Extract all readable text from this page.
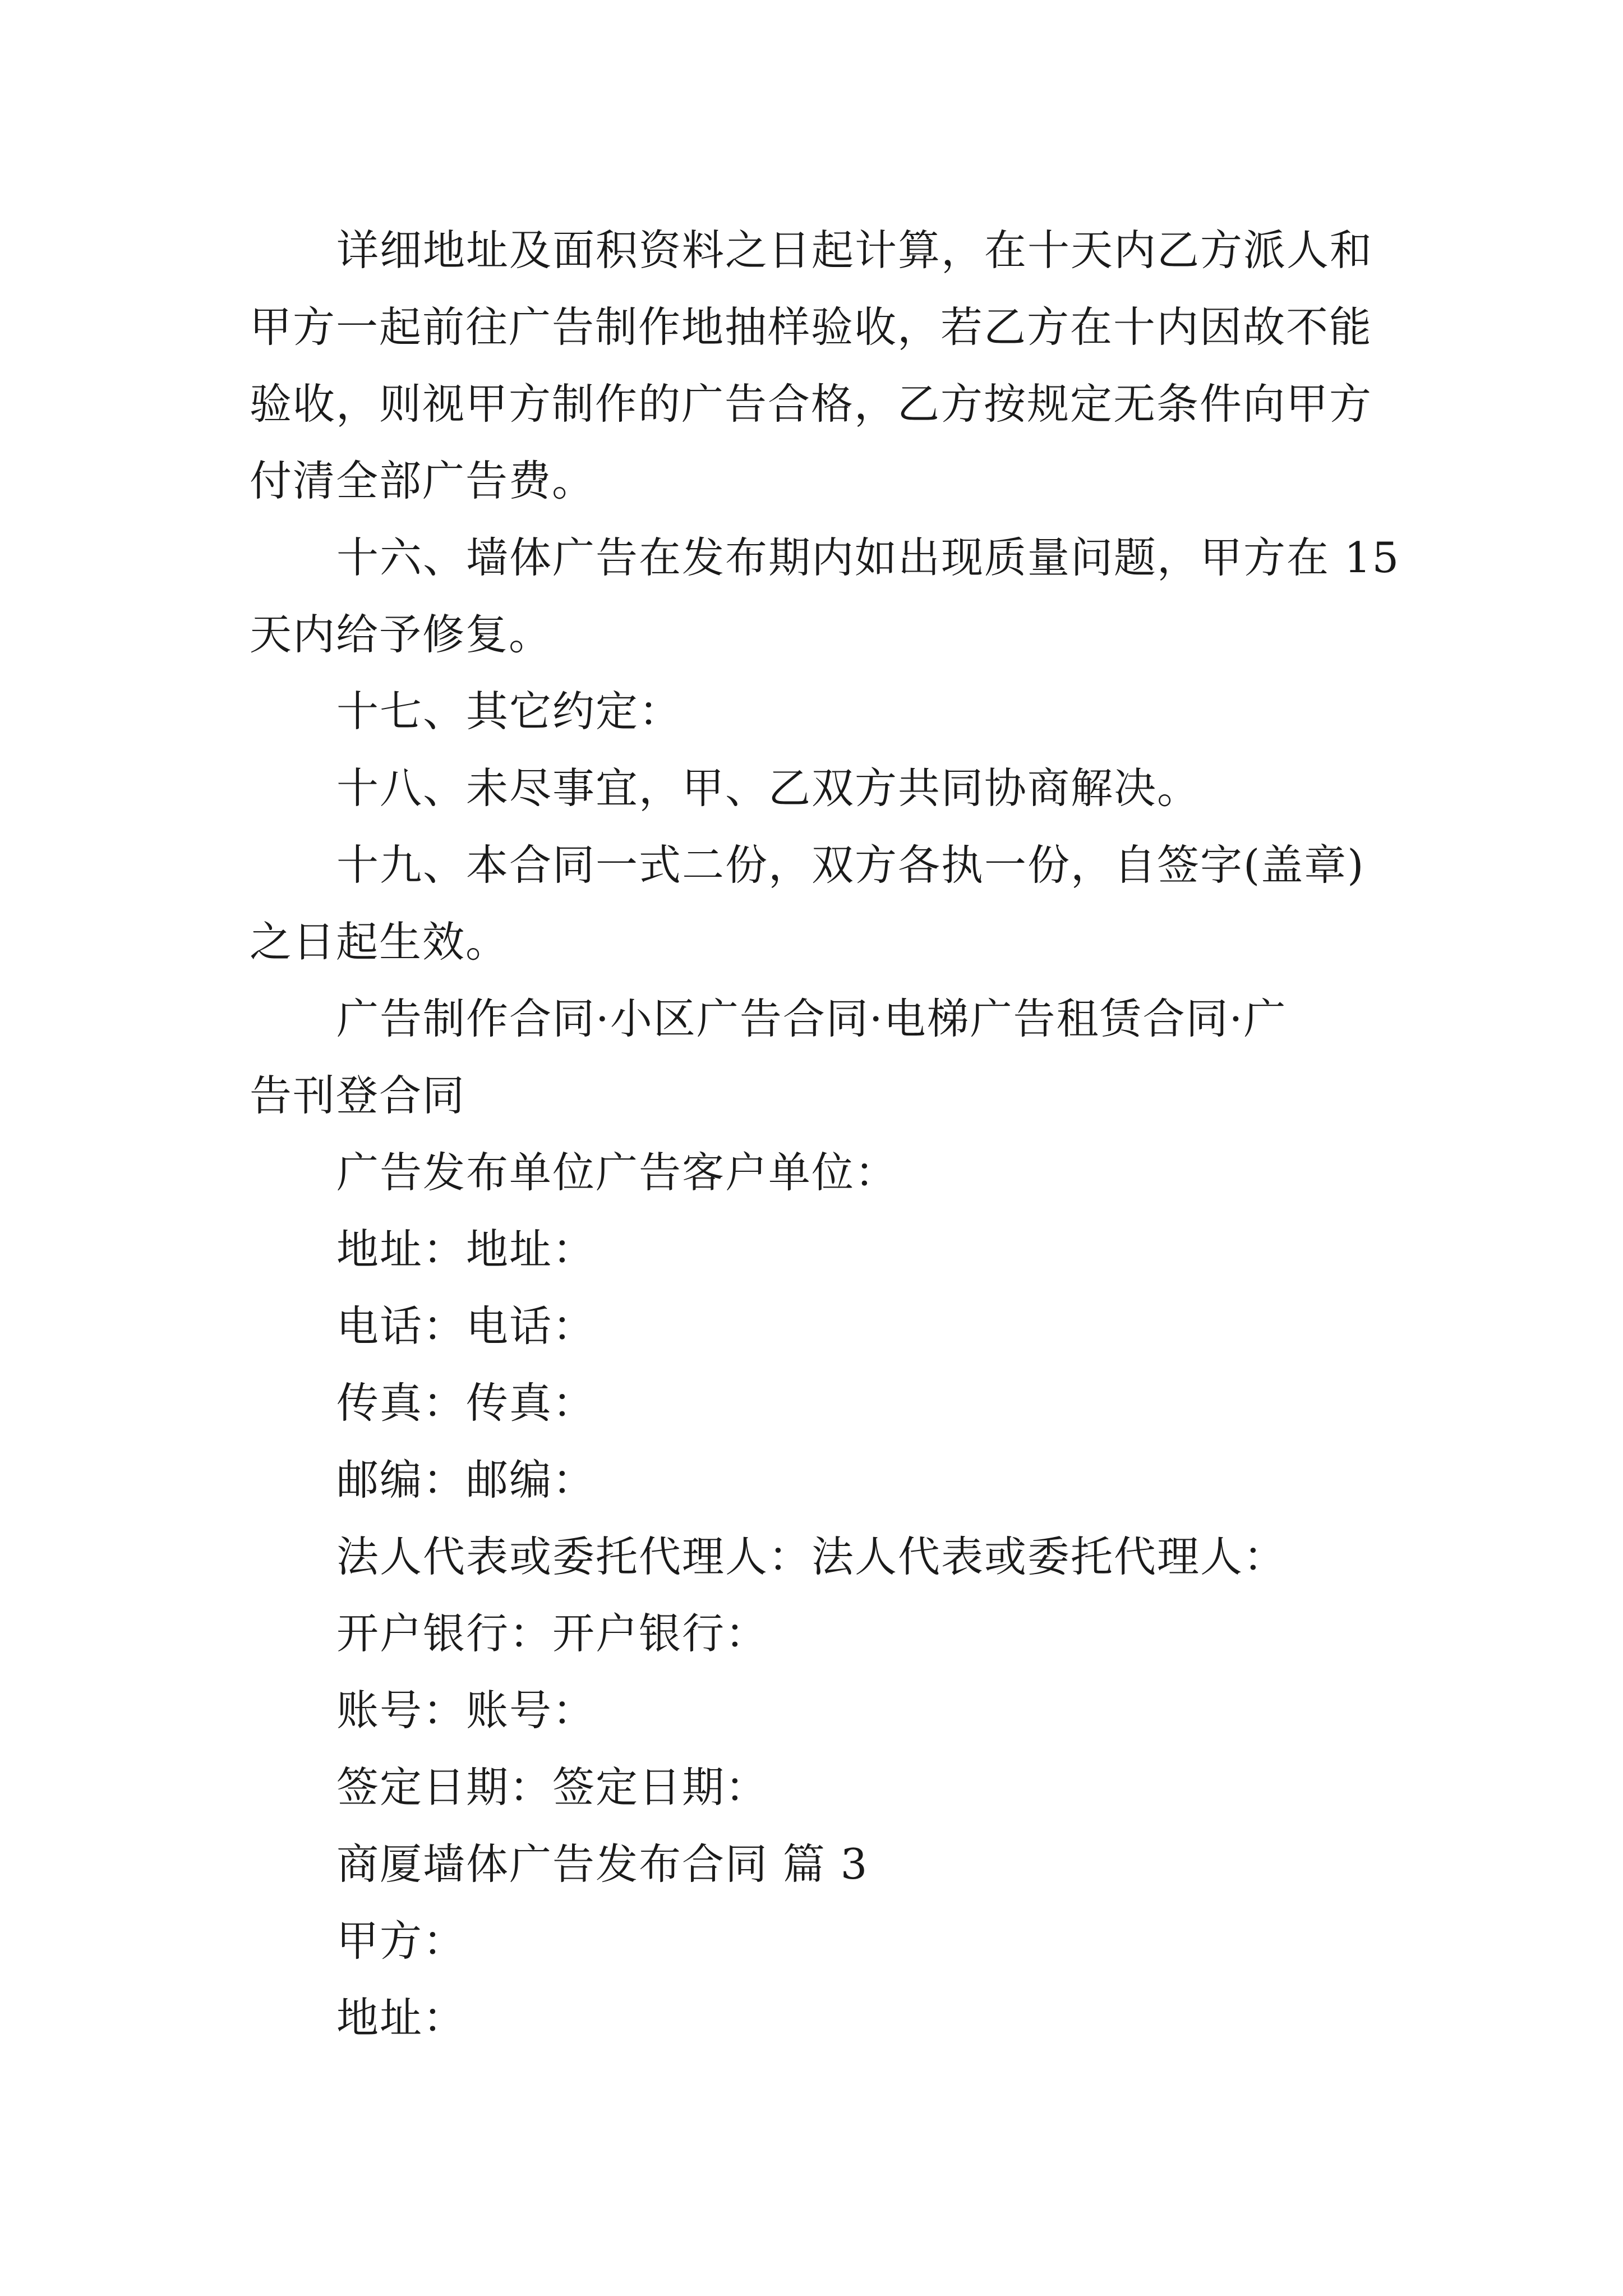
详细地址及面积资料之日起计算，在十天内乙方派人和
甲方一起前往广告制作地抽样验收，若乙方在十内因故不能
验收，则视甲方制作的广告合格，乙方按规定无条件向甲方
付清全部广告费。

十六、墙体广告在发布期内如出现质量问题，甲方在 15
天内给予修复。

十七、其它约定：

十八、未尽事宜，甲、乙双方共同协商解决。

十九、本合同一式二份，双方各执一份，自签字(盖章)
之日起生效。

广告制作合同·小区广告合同·电梯广告租赁合同·广
告刊登合同

广告发布单位广告客户单位：

地址：地址：

电话：电话：

传真：传真：

邮编：邮编：

法人代表或委托代理人：法人代表或委托代理人：

开户银行：开户银行：

账号：账号：

签定日期：签定日期：

商厦墙体广告发布合同 篇 3

甲方：

地址：
